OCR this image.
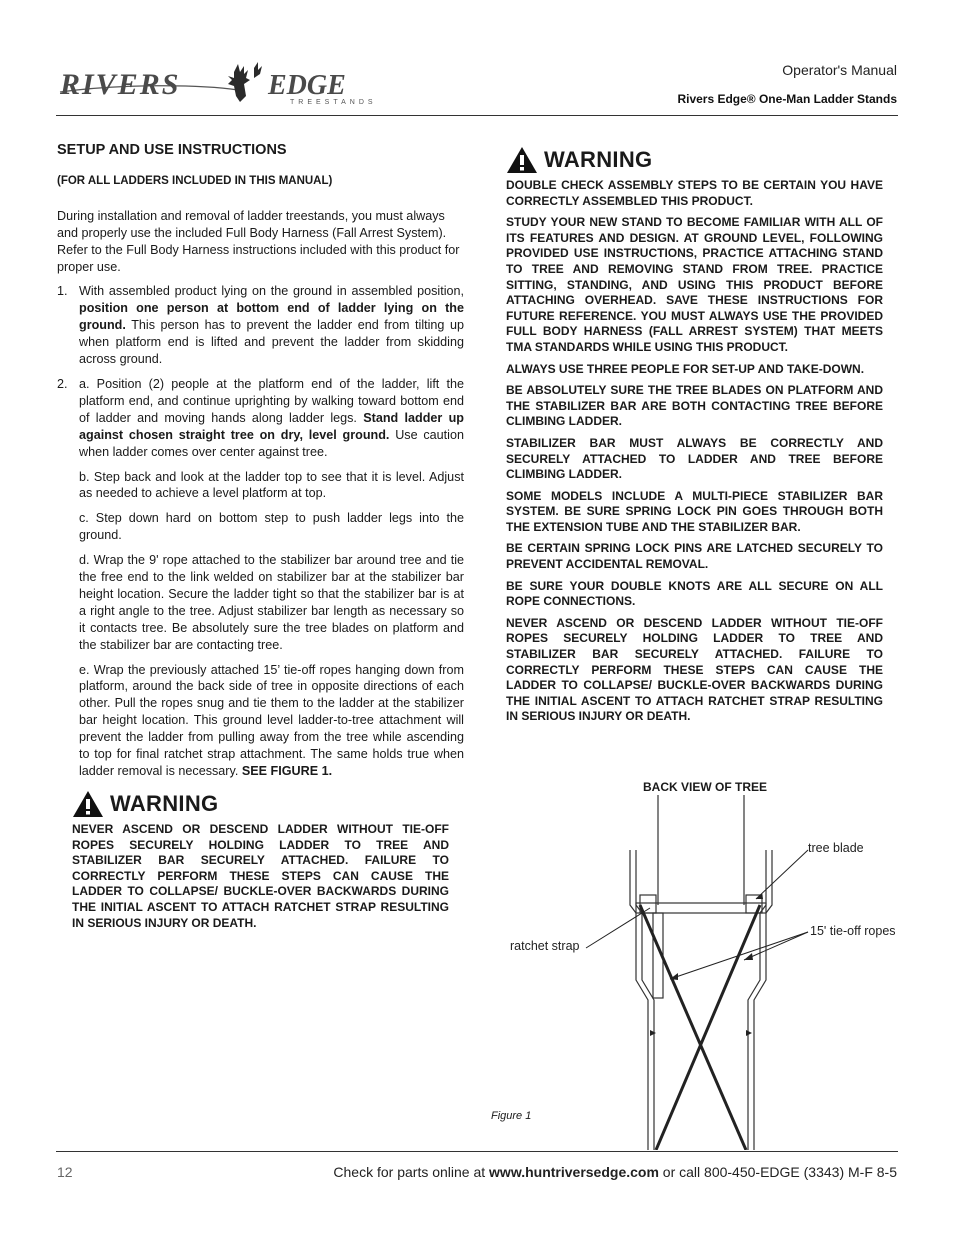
RIVERS	EDGE
TREESTANDS
Operator's Manual
Rivers Edge® One-Man Ladder Stands
SETUP AND USE INSTRUCTIONS
(FOR ALL LADDERS INCLUDED IN THIS MANUAL)

During installation and removal of ladder treestands, you must always and properly use the included Full Body Harness (Fall Arrest System). Refer to the Full Body Harness instructions included with this product for proper use.

1. With assembled product lying on the ground in assembled position, position one person at bottom end of ladder lying on the ground. This person has to prevent the ladder end from tilting up when platform end is lifted and prevent the ladder from skidding across ground.
2. a. Position (2) people at the platform end of the ladder, lift the platform end, and continue uprighting by walking toward bottom end of ladder and moving hands along ladder legs. Stand ladder up against chosen straight tree on dry, level ground. Use caution when ladder comes over center against tree.

b. Step back and look at the ladder top to see that it is level. Adjust as needed to achieve a level platform at top.

c. Step down hard on bottom step to push ladder legs into the ground.

d. Wrap the 9' rope attached to the stabilizer bar around tree and tie the free end to the link welded on stabilizer bar at the stabilizer bar height location. Secure the ladder tight so that the stabilizer bar is at a right angle to the tree. Adjust stabilizer bar length as necessary so it contacts tree. Be absolutely sure the tree blades on platform and the stabilizer bar are contacting tree.

e. Wrap the previously attached 15’ tie-off ropes hanging down from platform, around the back side of tree in opposite directions of each other. Pull the ropes snug and tie them to the ladder at the stabilizer bar height location. This ground level ladder-to-tree attachment will prevent the ladder from pulling away from the tree while ascending to top for final ratchet strap attachment. The same holds true when ladder removal is necessary. SEE FIGURE 1.

WARNING

NEVER ASCEND OR DESCEND LADDER WITHOUT TIE-OFF ROPES SECURELY HOLDING LADDER TO TREE AND STABILIZER BAR SECURELY ATTACHED. FAILURE TO CORRECTLY PERFORM THESE STEPS CAN CAUSE THE LADDER TO COLLAPSE/ BUCKLE-OVER BACKWARDS DURING THE INITIAL ASCENT TO ATTACH RATCHET STRAP RESULTING IN SERIOUS INJURY OR DEATH.

WARNING

DOUBLE CHECK ASSEMBLY STEPS TO BE CERTAIN YOU HAVE CORRECTLY ASSEMBLED THIS PRODUCT.

STUDY YOUR NEW STAND TO BECOME FAMILIAR WITH ALL OF ITS FEATURES AND DESIGN. AT GROUND LEVEL, FOLLOWING PROVIDED USE INSTRUCTIONS, PRACTICE ATTACHING STAND TO TREE AND REMOVING STAND FROM TREE. PRACTICE SITTING, STANDING, AND USING THIS PRODUCT BEFORE ATTACHING OVERHEAD. SAVE THESE INSTRUCTIONS FOR FUTURE REFERENCE. YOU MUST ALWAYS USE THE PROVIDED FULL BODY HARNESS (FALL ARREST SYSTEM) THAT MEETS TMA STANDARDS WHILE USING THIS PRODUCT.

ALWAYS USE THREE PEOPLE FOR SET-UP AND TAKE-DOWN.

BE ABSOLUTELY SURE THE TREE BLADES ON PLATFORM AND THE STABILIZER BAR ARE BOTH CONTACTING TREE BEFORE CLIMBING LADDER.

STABILIZER BAR MUST ALWAYS BE CORRECTLY AND SECURELY ATTACHED TO LADDER AND TREE BEFORE CLIMBING LADDER.

SOME MODELS INCLUDE A MULTI-PIECE STABILIZER BAR SYSTEM. BE SURE SPRING LOCK PIN GOES THROUGH BOTH THE EXTENSION TUBE AND THE STABILIZER BAR.

BE CERTAIN SPRING LOCK PINS ARE LATCHED SECURELY TO PREVENT ACCIDENTAL REMOVAL.

BE SURE YOUR DOUBLE KNOTS ARE ALL SECURE ON ALL ROPE CONNECTIONS.

NEVER ASCEND OR DESCEND LADDER WITHOUT TIE-OFF ROPES SECURELY HOLDING LADDER TO TREE AND STABILIZER BAR SECURELY ATTACHED. FAILURE TO CORRECTLY PERFORM THESE STEPS CAN CAUSE THE LADDER TO COLLAPSE/ BUCKLE-OVER BACKWARDS DURING THE INITIAL ASCENT TO ATTACH RATCHET STRAP RESULTING IN SERIOUS INJURY OR DEATH.

BACK VIEW OF TREE
tree blade
15' tie-off ropes
ratchet strap
Figure 1
12	Check for parts online at www.huntriversedge.com or call 800-450-EDGE (3343) M-F 8-5
